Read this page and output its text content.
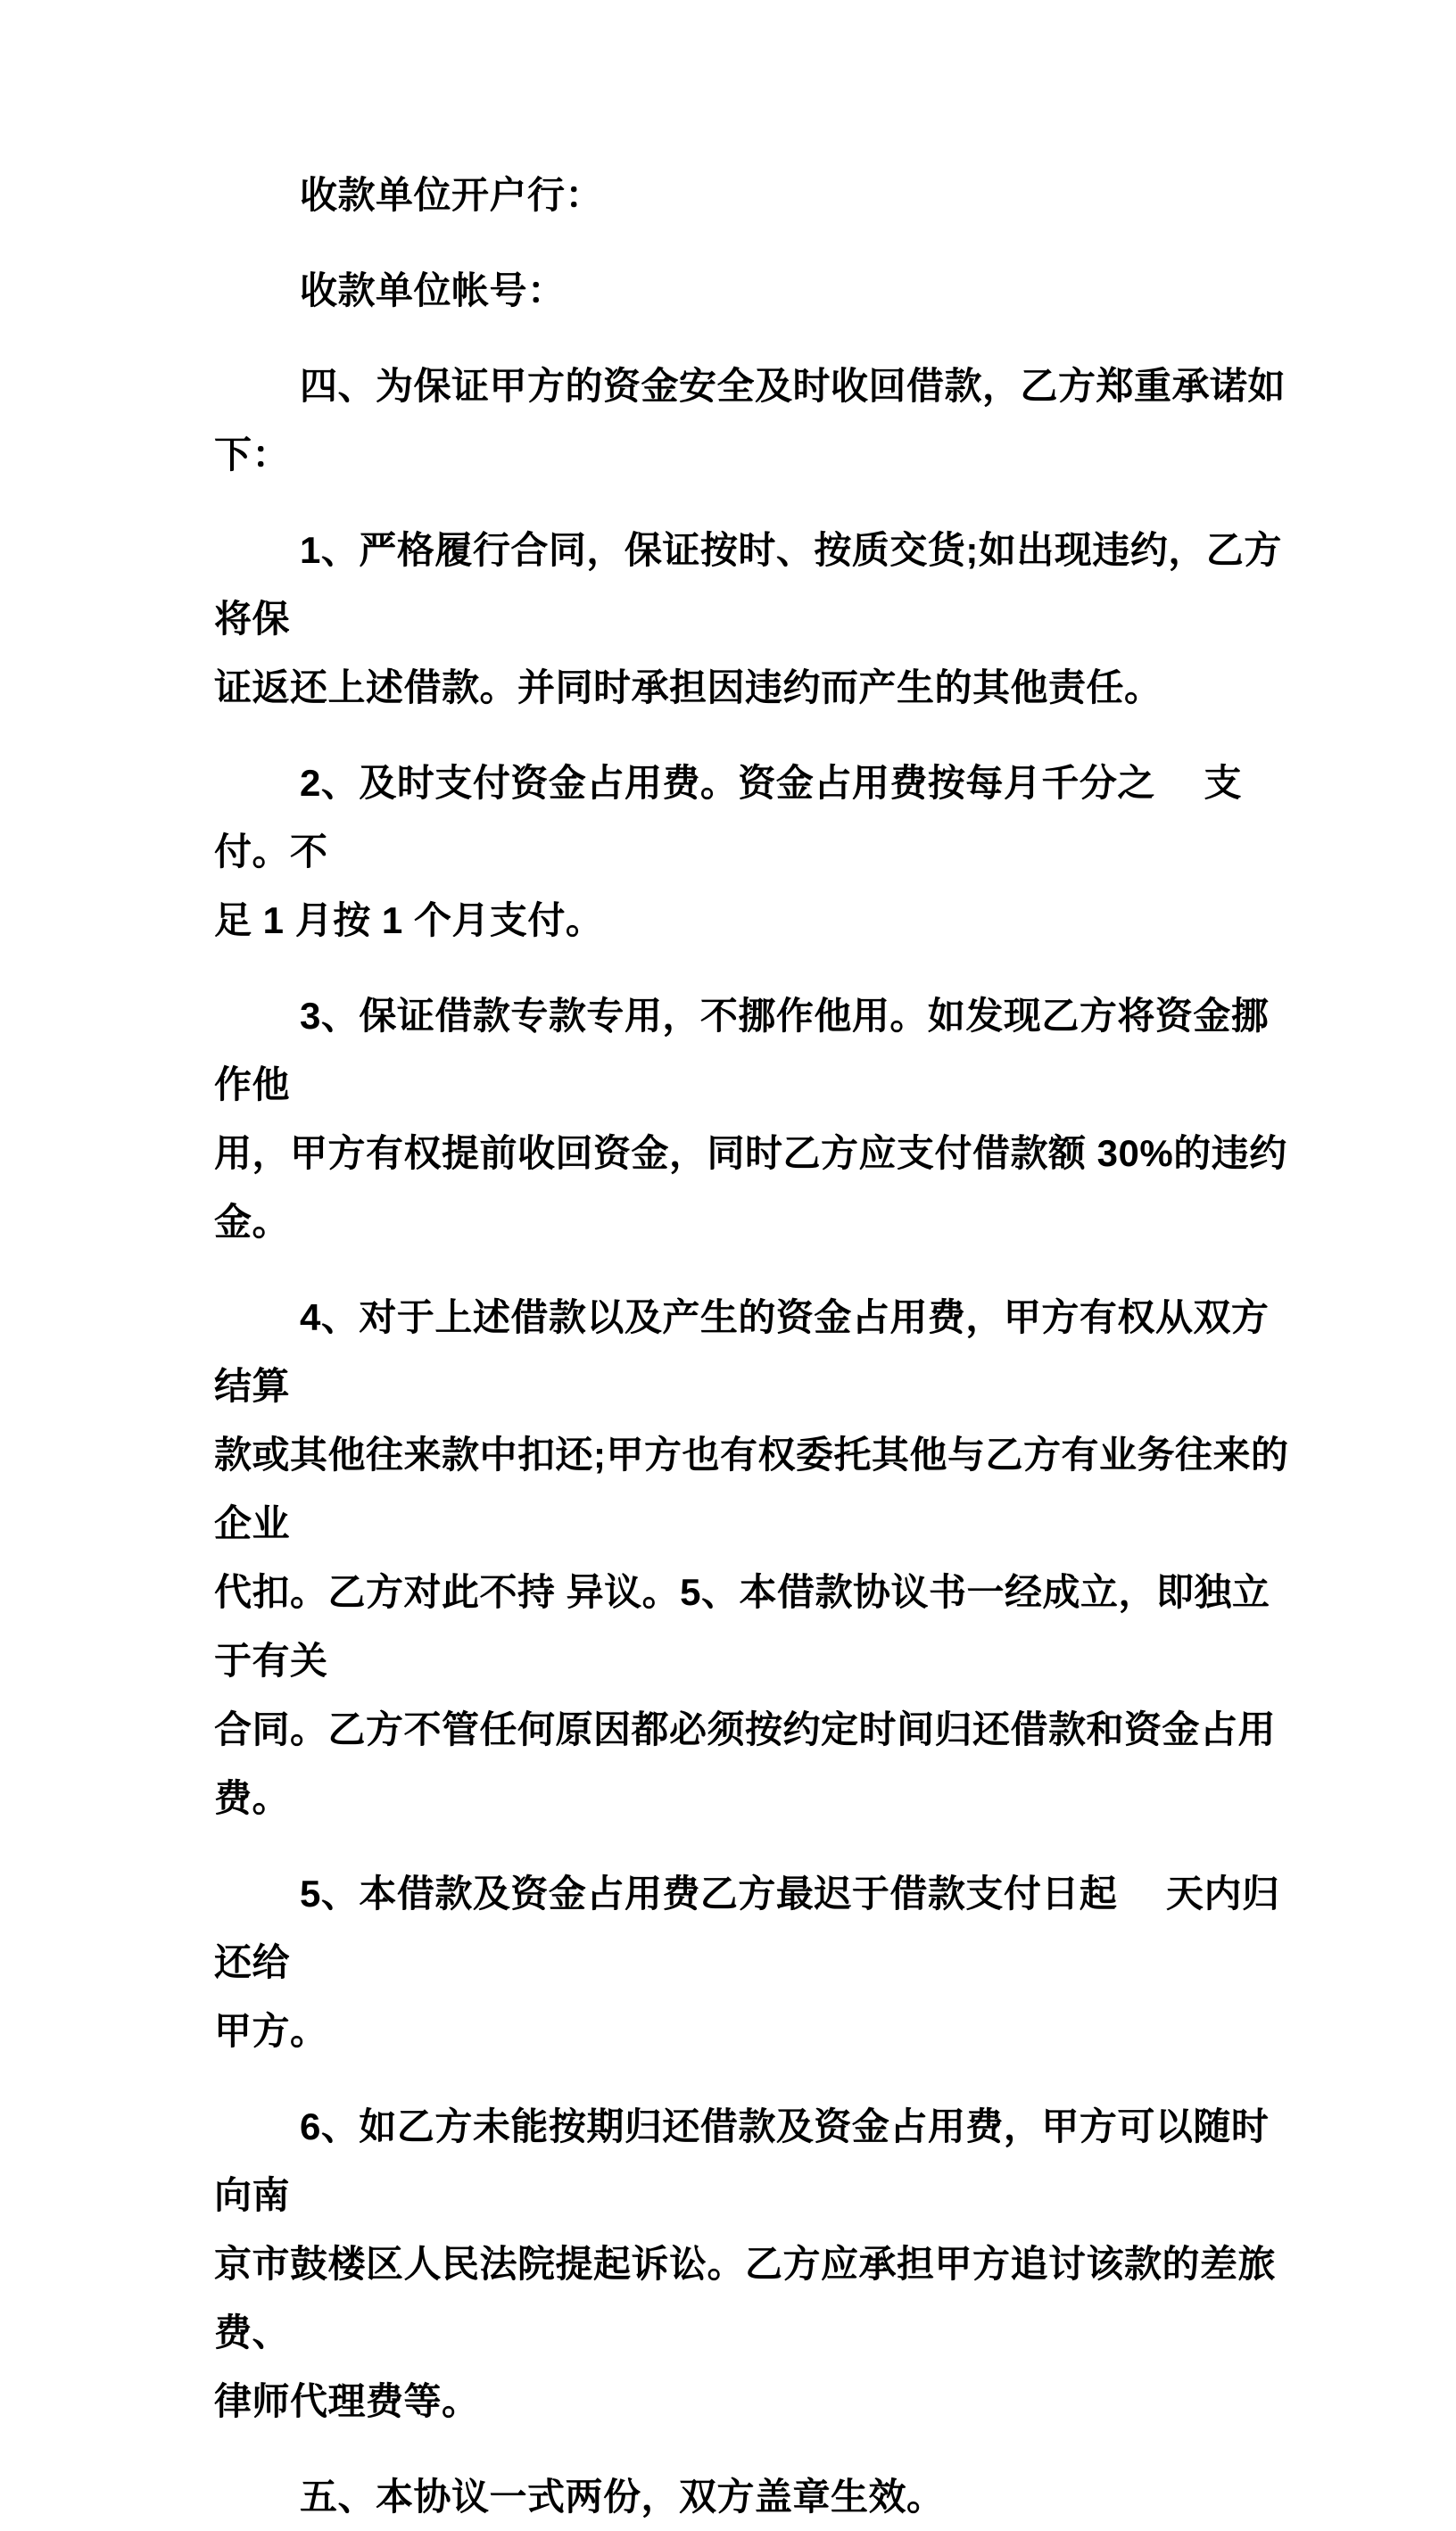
收款单位开户行：

收款单位帐号：

四、为保证甲方的资金安全及时收回借款，乙方郑重承诺如下：

1、严格履行合同，保证按时、按质交货;如出现违约，乙方将保

证返还上述借款。并同时承担因违约而产生的其他责任。

2、及时支付资金占用费。资金占用费按每月千分之　 支付。不

足 1 月按 1 个月支付。

3、保证借款专款专用，不挪作他用。如发现乙方将资金挪作他

用，甲方有权提前收回资金，同时乙方应支付借款额 30%的违约金。

4、对于上述借款以及产生的资金占用费，甲方有权从双方结算

款或其他往来款中扣还;甲方也有权委托其他与乙方有业务往来的企业

代扣。乙方对此不持 异议。5、本借款协议书一经成立，即独立于有关

合同。乙方不管任何原因都必须按约定时间归还借款和资金占用费。

5、本借款及资金占用费乙方最迟于借款支付日起　 天内归还给

甲方。

6、如乙方未能按期归还借款及资金占用费，甲方可以随时向南

京市鼓楼区人民法院提起诉讼。乙方应承担甲方追讨该款的差旅费、

律师代理费等。

五、本协议一式两份，双方盖章生效。
